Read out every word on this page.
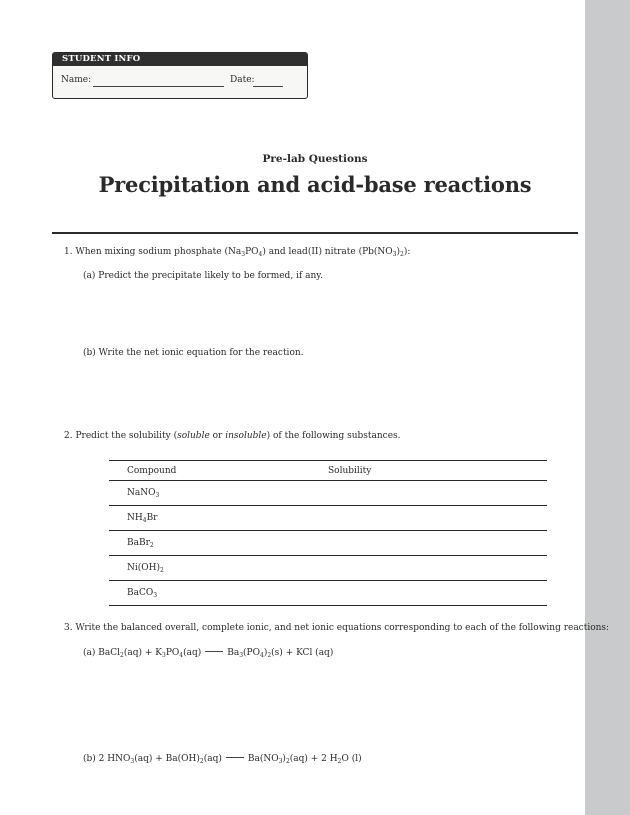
STUDENT INFO
Name:	Date:
Pre-lab Questions
Precipitation and acid-base reactions
1. When mixing sodium phosphate $(Na_3PO_4)$ and lead(II) nitrate $(Pb(NO_3)_2)$:
(a) Predict the precipitate likely to be formed, if any.
(b) Write the net ionic equation for the reaction.
2. Predict the solubility (soluble or insoluble) of the following substances.
Compound	Solubility
NaNO$_3$	
$NH_4Br$	
BaBr$_2$	
$Ni(OH)_2$	
BaCO$_3$	
3. Write the balanced overall, complete ionic, and net ionic equations corresponding to each of the following reactions:
(a) BaCl$_2$(aq) + $K_3PO_4(aq)$	$Ba_3(PO_4)_2(s)$ + KCl (aq)
(b) 2 $HNO_3(aq) + Ba(OH)_2(aq)$	$Ba(NO_3)_2(aq) + 2$ $H_2O$ (l)
